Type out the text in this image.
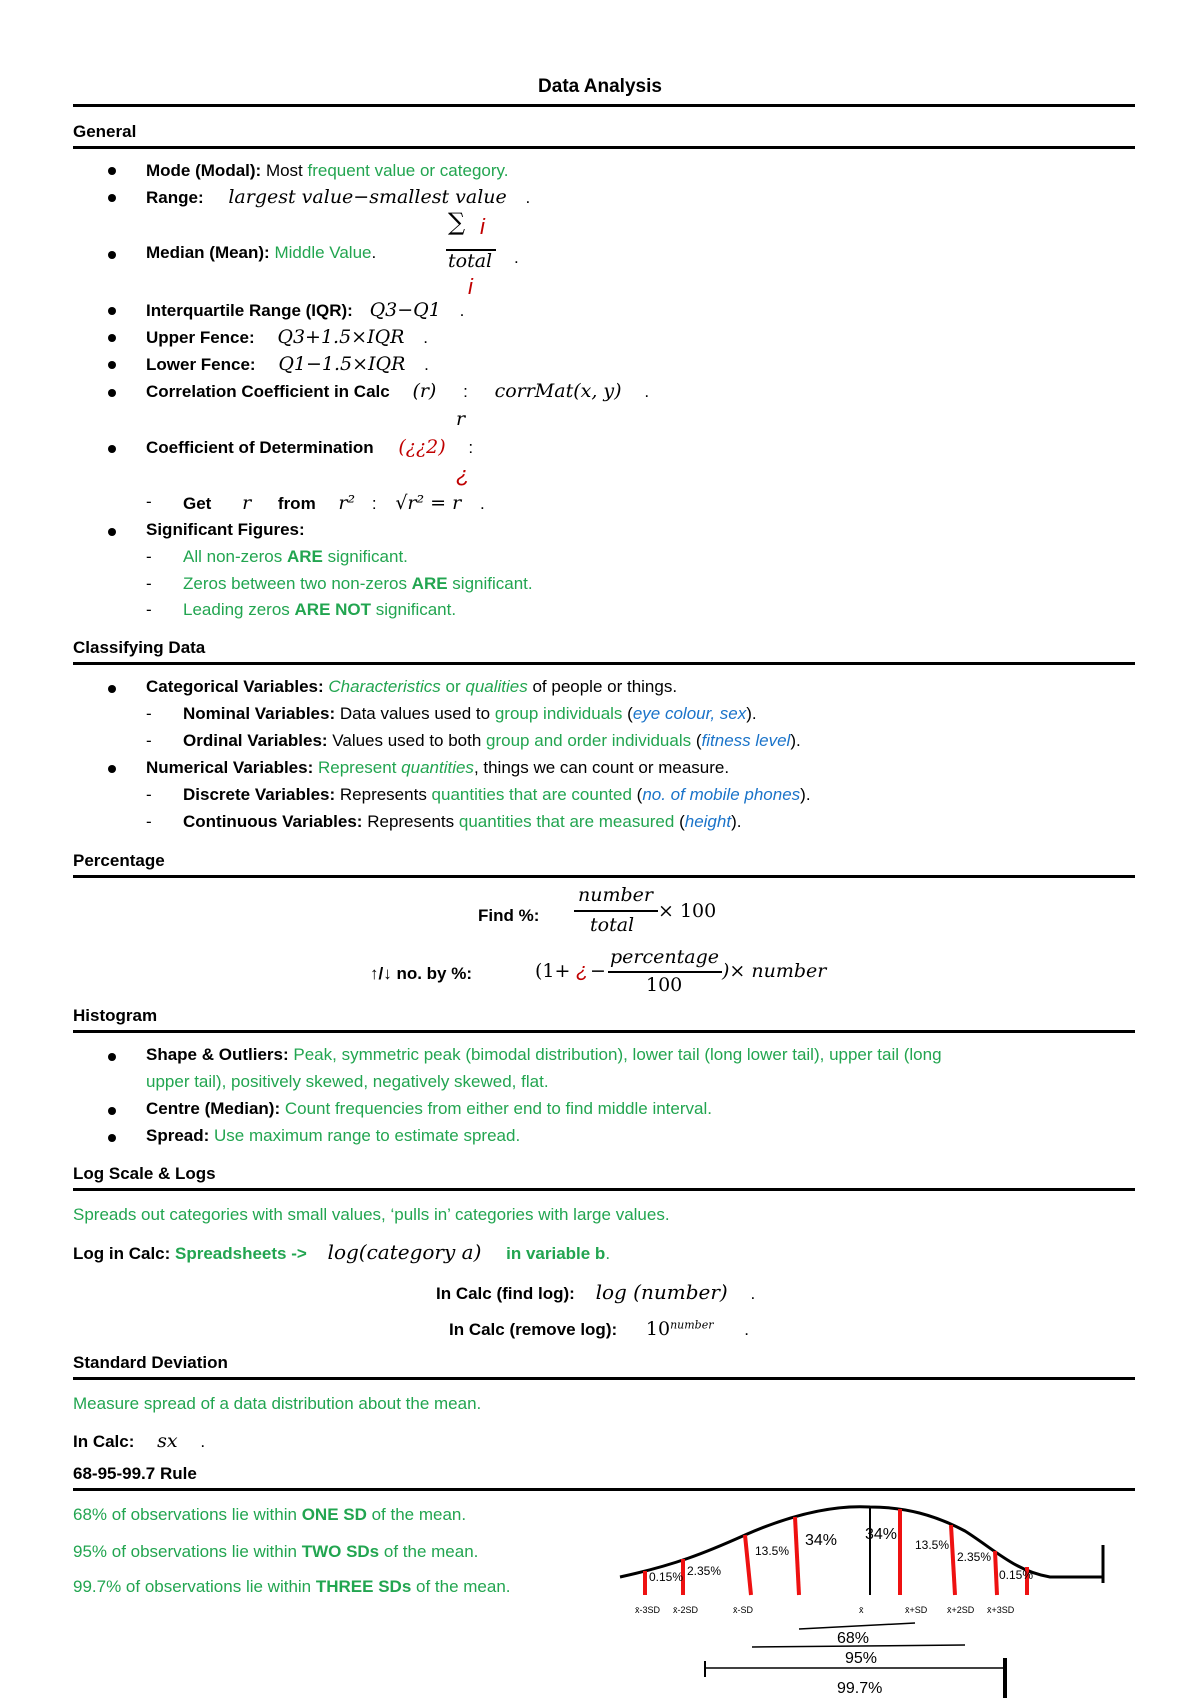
Data Analysis
General
Mode (Modal): Most frequent value or category.
Range: largest value−smallest value .
Median (Mean): Middle Value.
∑ i
total .
i
Interquartile Range (IQR): Q3−Q1 .
Upper Fence: Q3+1.5×IQR .
Lower Fence: Q1−1.5×IQR .
Correlation Coefficient in Calc (r) : corrMat(x, y) .
r
Coefficient of Determination (¿¿2) :
¿
- Get r from r² : √r² = r .
Significant Figures:
- All non-zeros ARE significant.
- Zeros between two non-zeros ARE significant.
- Leading zeros ARE NOT significant.
Classifying Data
Categorical Variables: Characteristics or qualities of people or things.
- Nominal Variables: Data values used to group individuals (eye colour, sex).
- Ordinal Variables: Values used to both group and order individuals (fitness level).
Numerical Variables: Represent quantities, things we can count or measure.
- Discrete Variables: Represents quantities that are counted (no. of mobile phones).
- Continuous Variables: Represents quantities that are measured (height).
Percentage
Find %:
number
total
× 100
↑/↓ no. by %:	(1+ ¿ −
percentage
100
)× number
Histogram
Shape & Outliers: Peak, symmetric peak (bimodal distribution), lower tail (long lower tail), upper tail (long
upper tail), positively skewed, negatively skewed, flat.
Centre (Median): Count frequencies from either end to find middle interval.
Spread: Use maximum range to estimate spread.
Log Scale & Logs
Spreads out categories with small values, ‘pulls in’ categories with large values.
Log in Calc: Spreadsheets -> log(category a) in variable b.
In Calc (find log): log (number) .
In Calc (remove log): $10^{number}$ .
Standard Deviation
Measure spread of a data distribution about the mean.
In Calc: sx .
68-95-99.7 Rule
68% of observations lie within ONE SD of the mean.
95% of observations lie within TWO SDs of the mean.
99.7% of observations lie within THREE SDs of the mean.	0.15% 2.35%
13.5%
34% 34%
13.5%
2.35%
0.15%
x̄-3SD x̄-2SD	x̄-SD	x̄	x̄+SD x̄+2SD x̄+3SD
68%
95%
99.7%
